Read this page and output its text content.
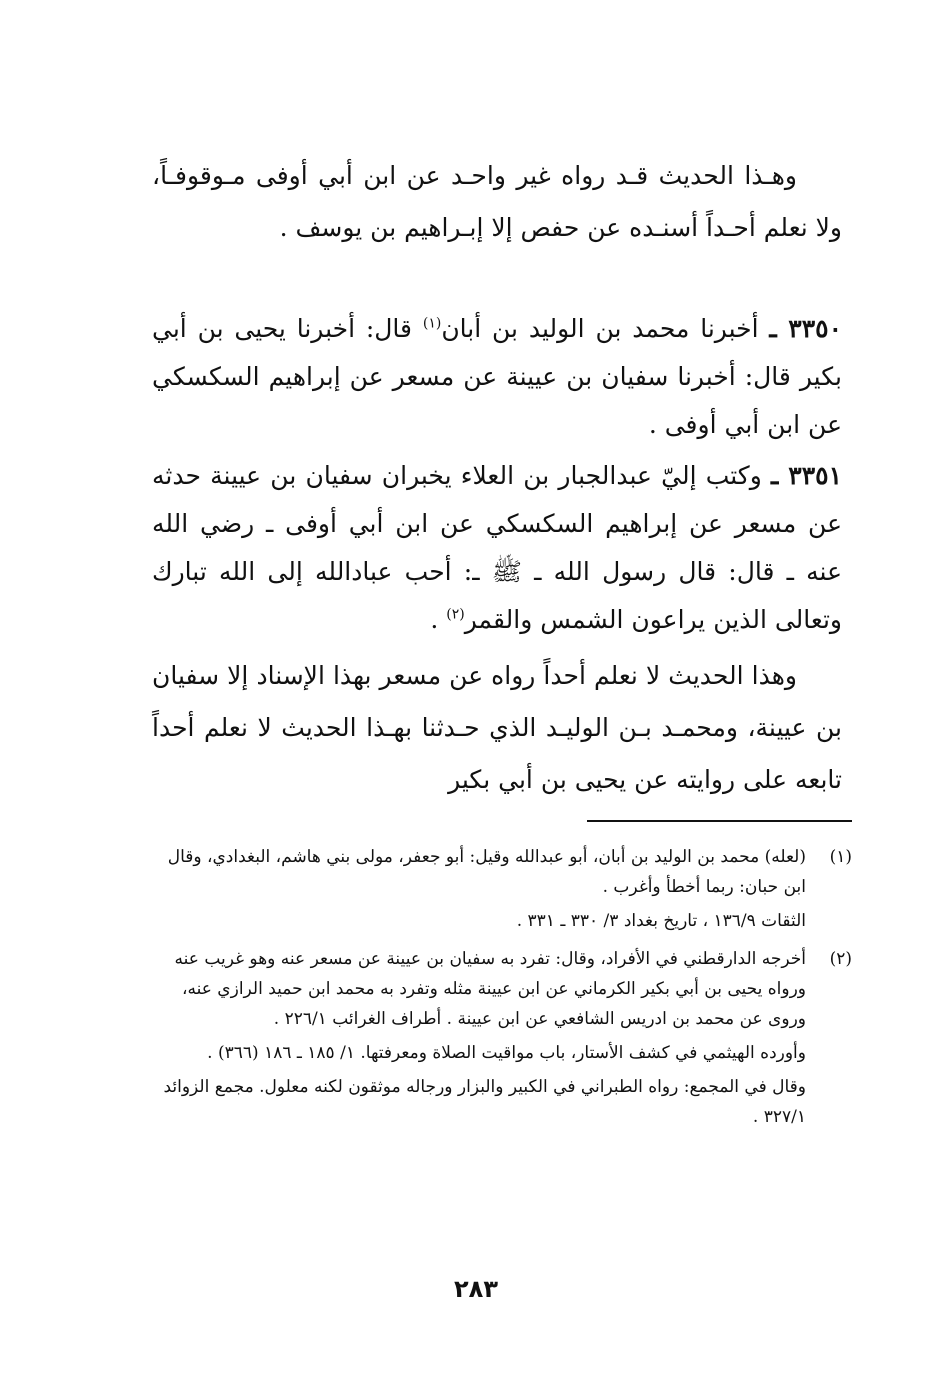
وهـذا الحديث قـد رواه غير واحـد عن ابن أبي أوفى مـوقوفـاً، ولا نعلم أحـداً أسنـده عن حفص إلا إبـراهيم بن يوسف .

٣٣٥٠ ـ أخبرنا محمد بن الوليد بن أبان$^{(١)}$ قال: أخبرنا يحيى بن أبي بكير قال: أخبرنا سفيان بن عيينة عن مسعر عن إبراهيم السكسكي عن ابن أبي أوفى .
٣٣٥١ ـ وكتب إليّ عبدالجبار بن العلاء يخبران سفيان بن عيينة حدثه عن مسعر عن إبراهيم السكسكي عن ابن أبي أوفى ـ رضي الله عنه ـ قال: قال رسول الله ـ ﷺ ـ: أحب عبادالله إلى الله تبارك وتعالى الذين يراعون الشمس والقمر$^{(٢)}$ .

وهذا الحديث لا نعلم أحداً رواه عن مسعر بهذا الإسناد إلا سفيان بن عيينة، ومحمـد بـن الوليـد الذي حـدثنا بهـذا الحديث لا نعلم أحداً تابعه على روايته عن يحيى بن أبي بكير

(١)

(لعله) محمد بن الوليد بن أبان، أبو عبدالله وقيل: أبو جعفر، مولى بني هاشم، البغدادي، وقال ابن حبان: ربما أخطأ وأغرب .

الثقات ١٣٦/٩ ، تاريخ بغداد ٣/ ٣٣٠ ـ ٣٣١ .

(٢)

أخرجه الدارقطني في الأفراد، وقال: تفرد به سفيان بن عيينة عن مسعر عنه وهو غريب عنه ورواه يحيى بن أبي بكير الكرماني عن ابن عيينة مثله وتفرد به محمد ابن حميد الرازي عنه، وروى عن محمد بن ادريس الشافعي عن ابن عيينة . أطراف الغرائب ٢٢٦/١ .

وأورده الهيثمي في كشف الأستار، باب مواقيت الصلاة ومعرفتها. ١/ ١٨٥ ـ ١٨٦ (٣٦٦) .

وقال في المجمع: رواه الطبراني في الكبير والبزار ورجاله موثقون لكنه معلول. مجمع الزوائد ٣٢٧/١ .

٢٨٣
